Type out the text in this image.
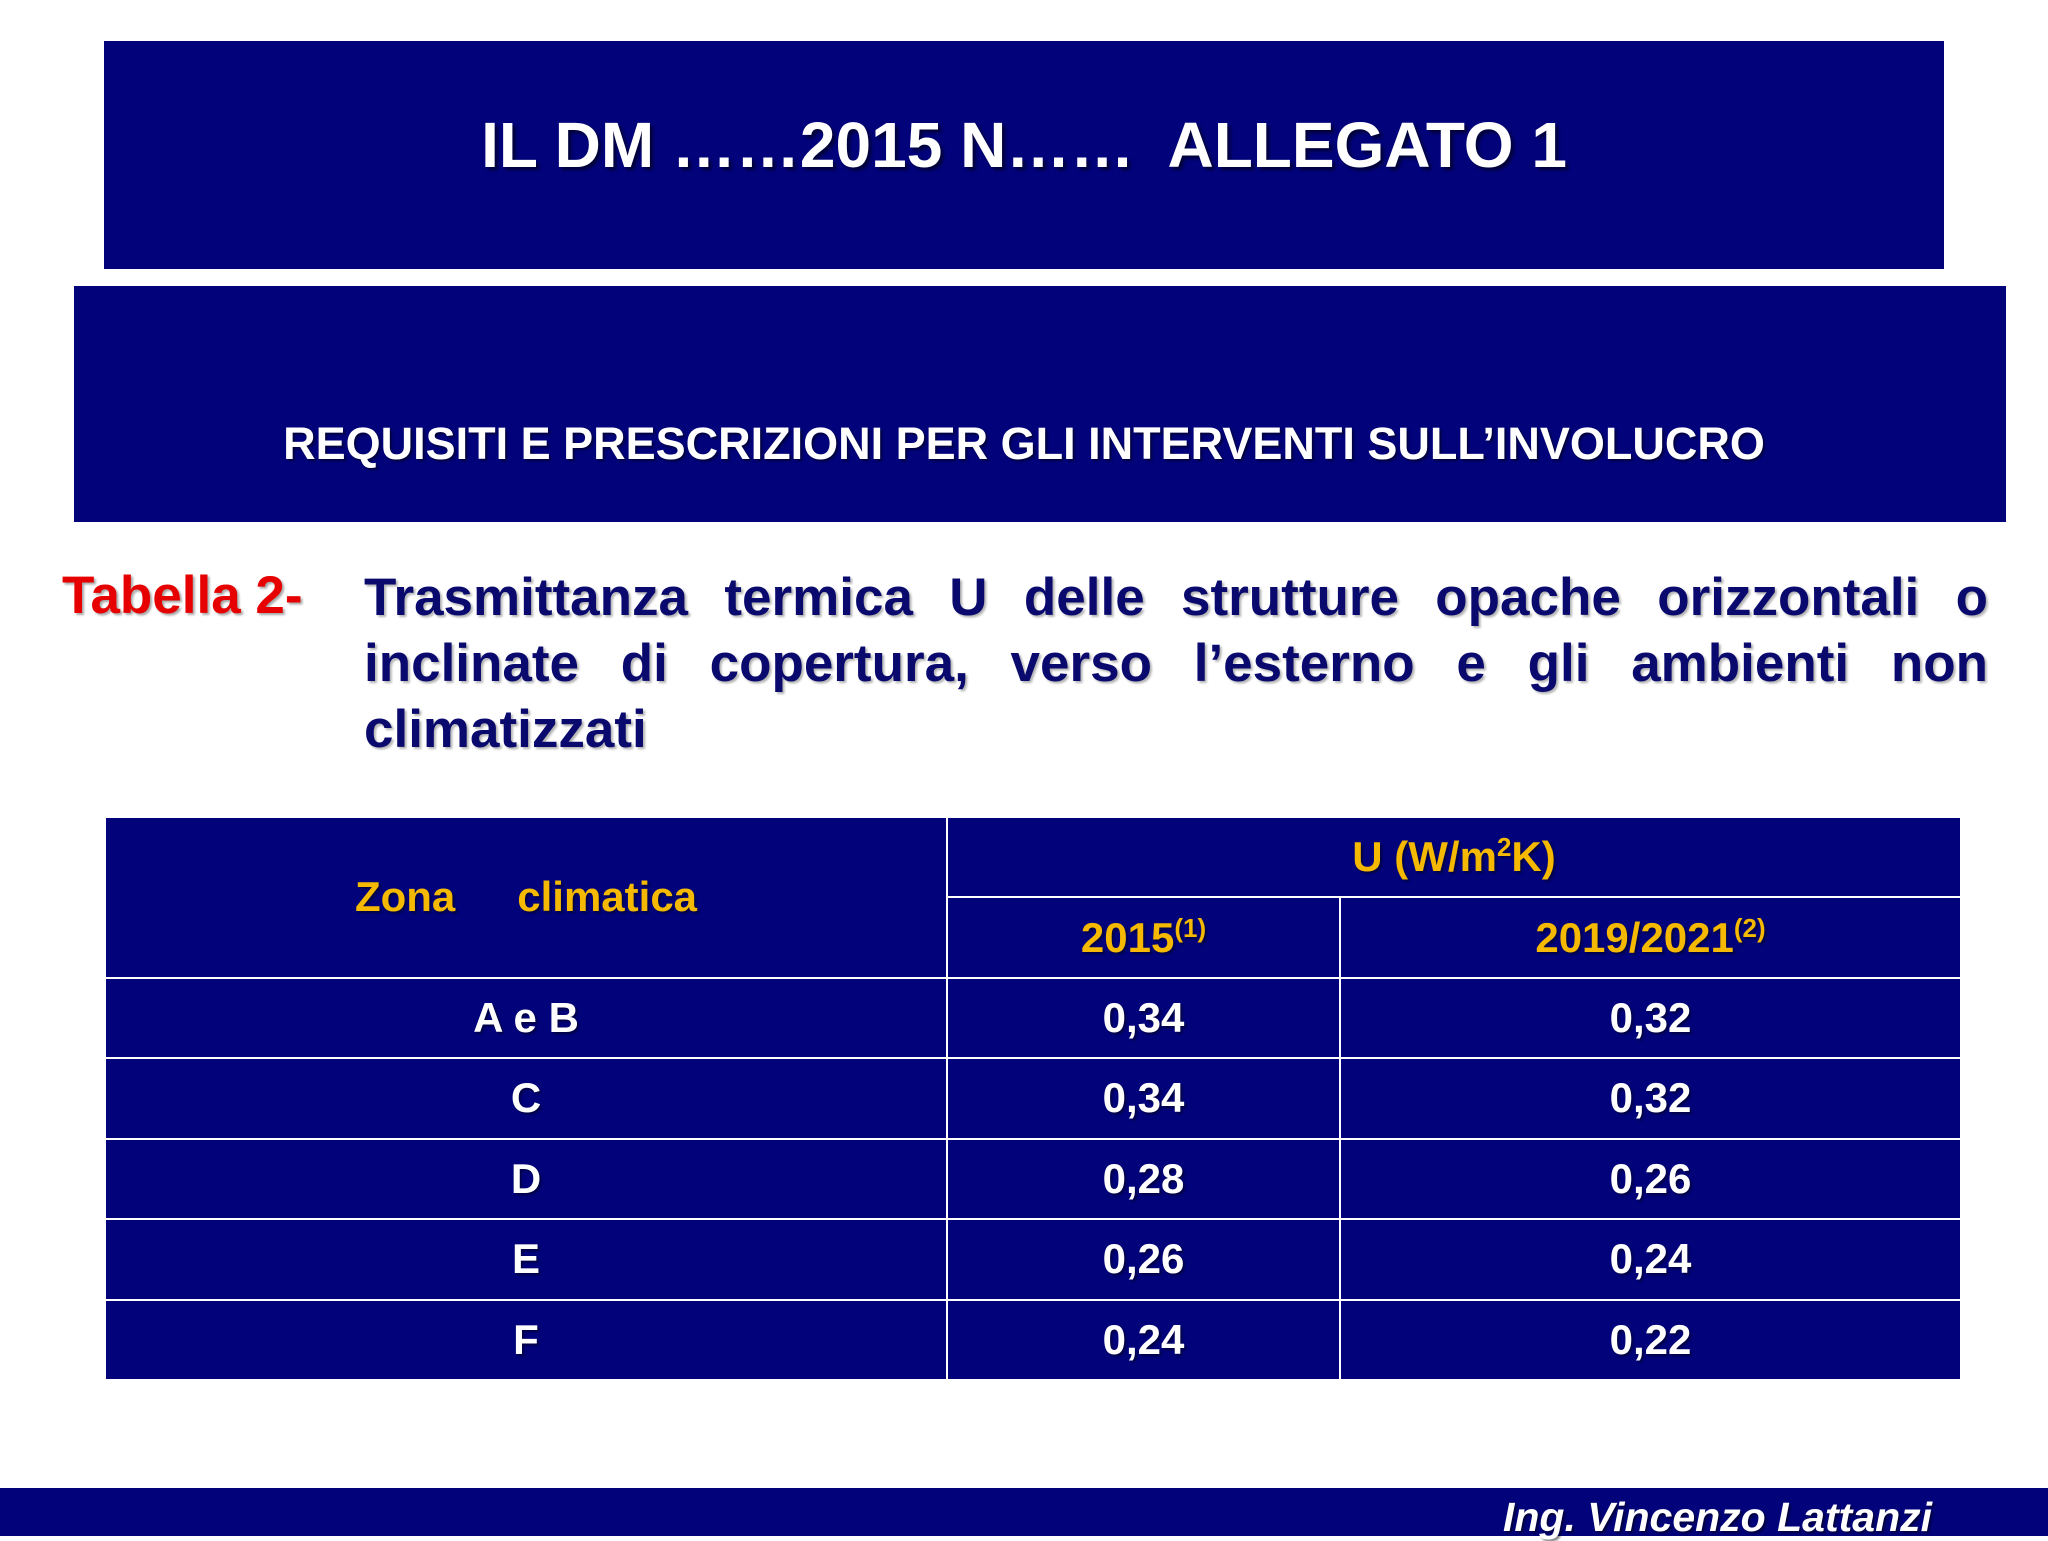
IL DM ……2015 N……  ALLEGATO 1
REQUISITI E PRESCRIZIONI PER GLI INTERVENTI SULL’INVOLUCRO
Tabella 2- Trasmittanza termica U delle strutture opache orizzontali o inclinate di copertura, verso l’esterno e gli ambienti non climatizzati
Zona climatica	U $(W/m^2K)$	
	2015$^{(1)}$	2019/2021$^{(2)}$
A e B	0,34	0,32
C	0,34	0,32
D	0,28	0,26
E	0,26	0,24
F	0,24	0,22
Ing. Vincenzo Lattanzi
